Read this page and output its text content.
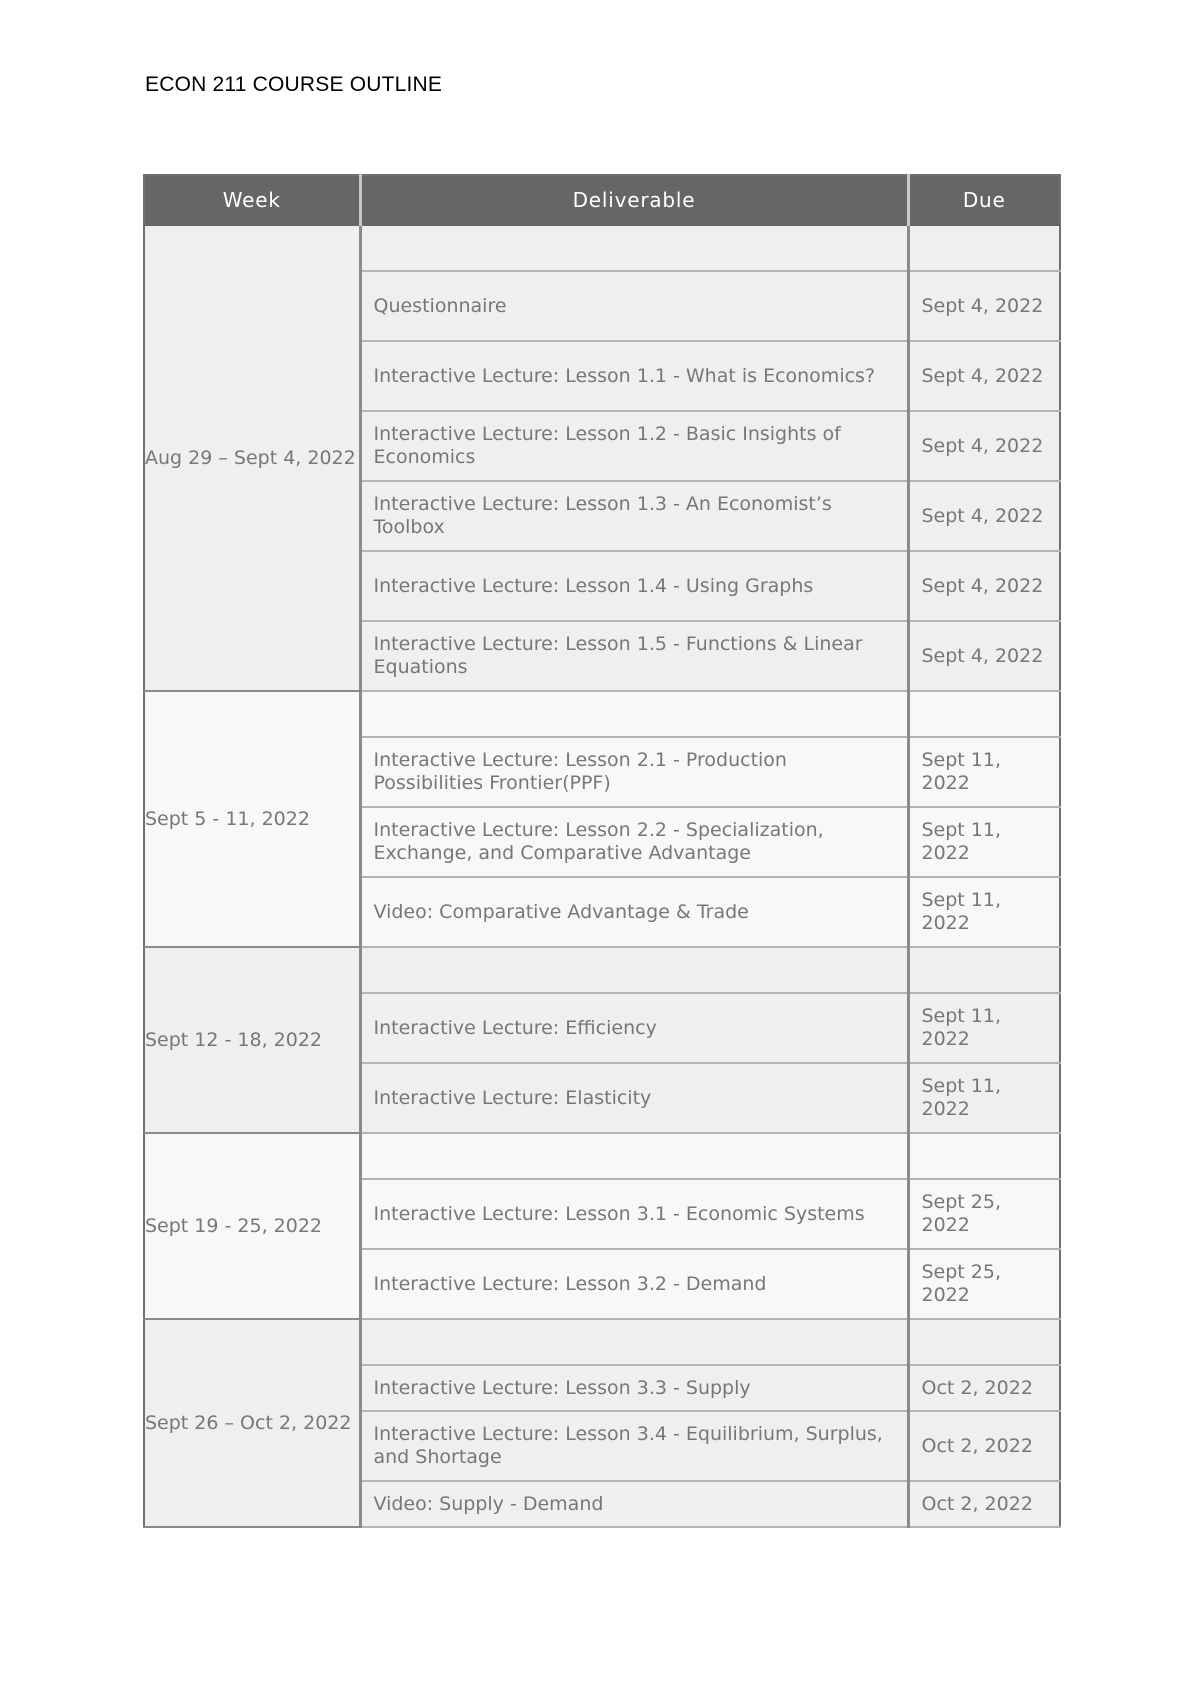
ECON 211 COURSE OUTLINE
Week	Deliverable	Due
Aug 29 – Sept 4, 2022		
	Questionnaire	Sept 4, 2022
	Interactive Lecture: Lesson 1.1 - What is Economics?	Sept 4, 2022
	Interactive Lecture: Lesson 1.2 - Basic Insights of Economics	Sept 4, 2022
	Interactive Lecture: Lesson 1.3 - An Economist’s Toolbox	Sept 4, 2022
	Interactive Lecture: Lesson 1.4 - Using Graphs	Sept 4, 2022
	Interactive Lecture: Lesson 1.5 - Functions & Linear Equations	Sept 4, 2022
Sept 5 - 11, 2022		
	Interactive Lecture: Lesson 2.1 - Production Possibilities Frontier(PPF)	Sept 11, 2022
	Interactive Lecture: Lesson 2.2 - Specialization, Exchange, and Comparative Advantage	Sept 11, 2022
	Video: Comparative Advantage & Trade	Sept 11, 2022
Sept 12 - 18, 2022		
	Interactive Lecture: Efficiency	Sept 11, 2022
	Interactive Lecture: Elasticity	Sept 11, 2022
Sept 19 - 25, 2022		
	Interactive Lecture: Lesson 3.1 - Economic Systems	Sept 25, 2022
	Interactive Lecture: Lesson 3.2 - Demand	Sept 25, 2022
Sept 26 – Oct 2, 2022		
	Interactive Lecture: Lesson 3.3 - Supply	Oct 2, 2022
	Interactive Lecture: Lesson 3.4 - Equilibrium, Surplus, and Shortage	Oct 2, 2022
	Video: Supply - Demand	Oct 2, 2022
